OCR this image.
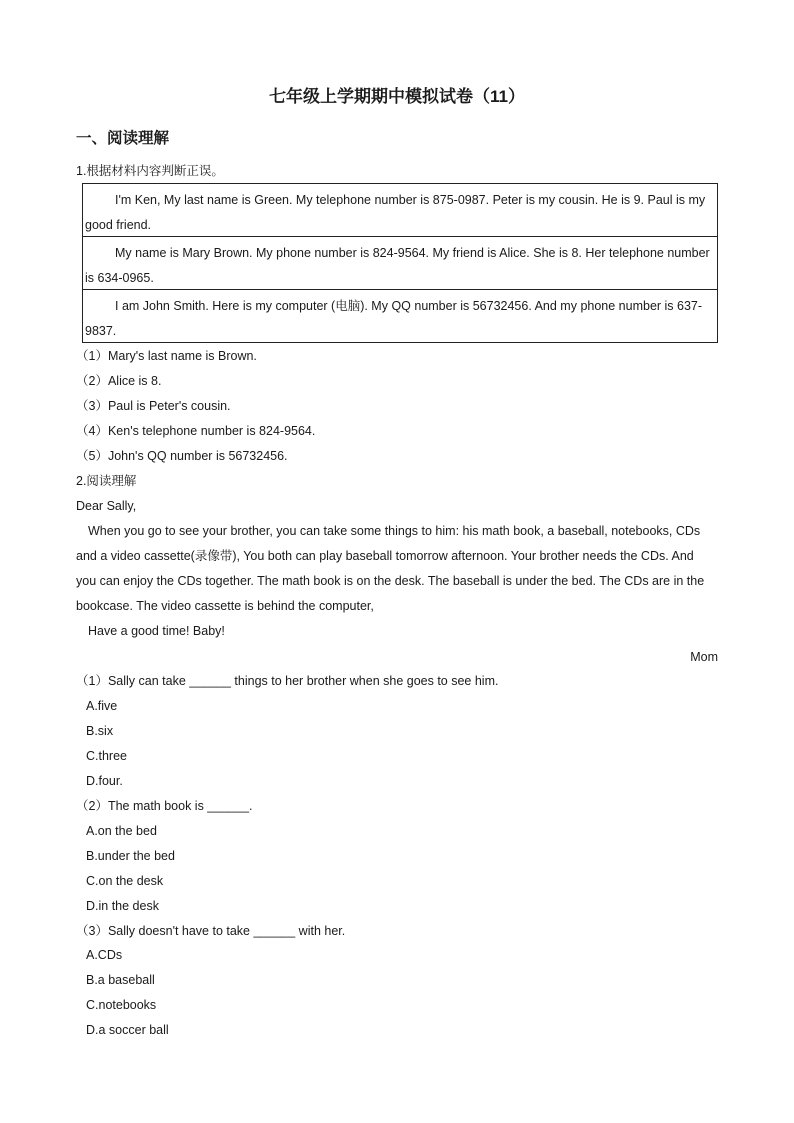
七年级上学期期中模拟试卷（11）
一、阅读理解
1.根据材料内容判断正误。
I'm Ken, My last name is Green. My telephone number is 875-0987. Peter is my cousin. He is 9. Paul is my good friend.
My name is Mary Brown. My phone number is 824-9564. My friend is Alice. She is 8. Her telephone number is 634-0965.
I am John Smith. Here is my computer (电脑). My QQ number is 56732456. And my phone number is 637-9837.
（1）Mary's last name is Brown.
（2）Alice is 8.
（3）Paul is Peter's cousin.
（4）Ken's telephone number is 824-9564.
（5）John's QQ number is 56732456.
2.阅读理解
Dear Sally,
When you go to see your brother, you can take some things to him: his math book, a baseball, notebooks, CDs and a video cassette(录像带), You both can play baseball tomorrow afternoon. Your brother needs the CDs. And you can enjoy the CDs together. The math book is on the desk. The baseball is under the bed. The CDs are in the bookcase. The video cassette is behind the computer,
Have a good time! Baby!
Mom
（1）Sally can take ______ things to her brother when she goes to see him.
A.five
B.six
C.three
D.four.
（2）The math book is ______.
A.on the bed
B.under the bed
C.on the desk
D.in the desk
（3）Sally doesn't have to take ______ with her.
A.CDs
B.a baseball
C.notebooks
D.a soccer ball
